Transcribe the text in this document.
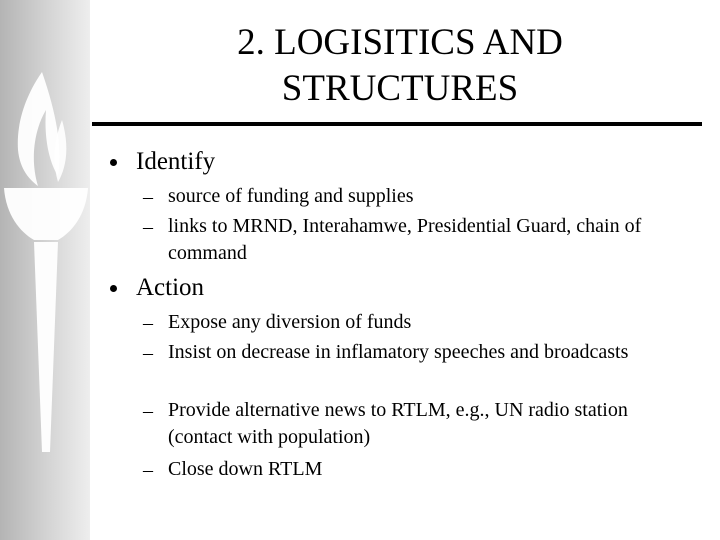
2. LOGISITICS AND
STRUCTURES
Identify
– source of funding and supplies
– links to MRND, Interahamwe, Presidential Guard, chain of command
Action
– Expose any diversion of funds
– Insist on decrease in inflamatory speeches and broadcasts
– Provide alternative news to RTLM, e.g., UN radio station (contact with population)
– Close down RTLM
